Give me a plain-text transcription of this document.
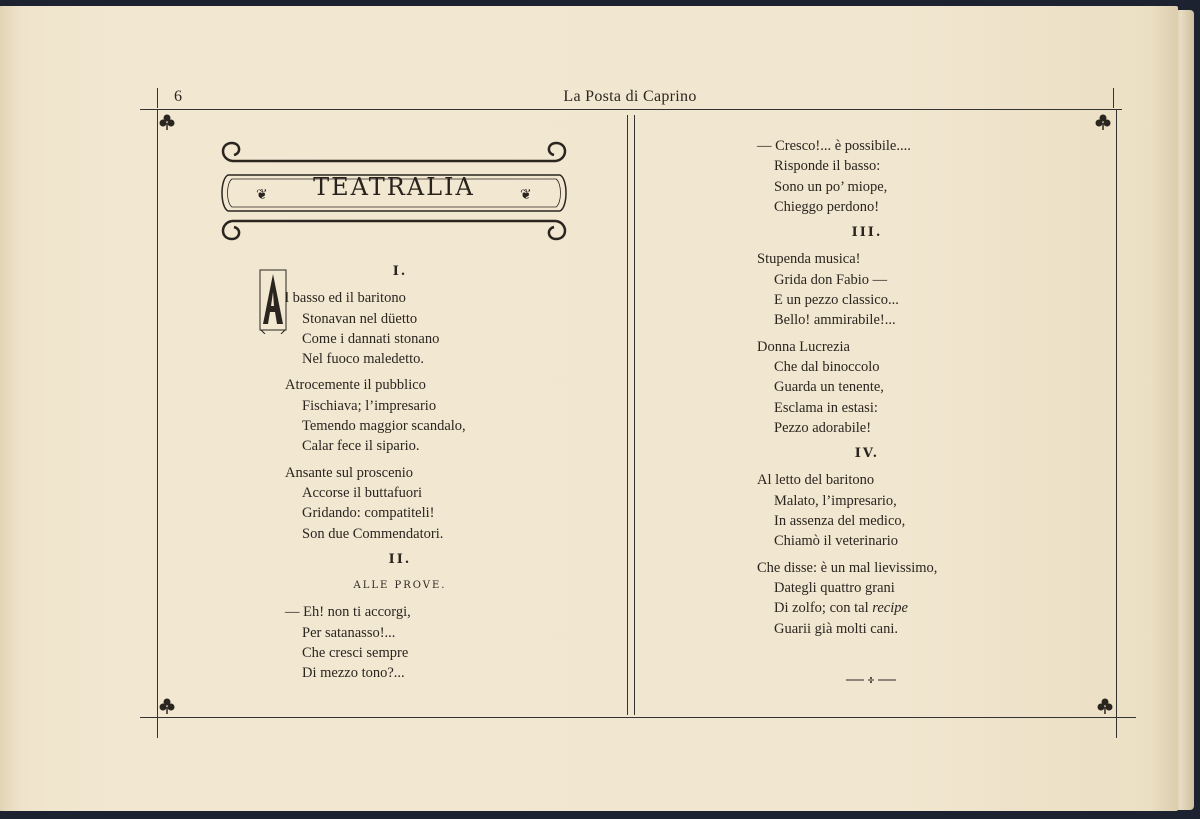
6	La Posta di Caprino
❦	❦
TEATRALIA
I.
l basso ed il baritono
Stonavan nel düetto
Come i dannati stonano
Nel fuoco maledetto.
Atrocemente il pubblico
Fischiava; l’impresario
Temendo maggior scandalo,
Calar fece il sipario.
Ansante sul proscenio
Accorse il buttafuori
Gridando: compatiteli!
Son due Commendatori.
II.
ALLE PROVE.
— Eh! non ti accorgi,
Per satanasso!...
Che cresci sempre
Di mezzo tono?...
— Cresco!... è possibile....
Risponde il basso:
Sono un po’ miope,
Chieggo perdono!
III.
Stupenda musica!
Grida don Fabio —
E un pezzo classico...
Bello! ammirabile!...
Donna Lucrezia
Che dal binoccolo
Guarda un tenente,
Esclama in estasi:
Pezzo adorabile!
IV.
Al letto del baritono
Malato, l’impresario,
In assenza del medico,
Chiamò il veterinario
Che disse: è un mal lievissimo,
Dategli quattro grani
Di zolfo; con tal recipe
Guarii già molti cani.
